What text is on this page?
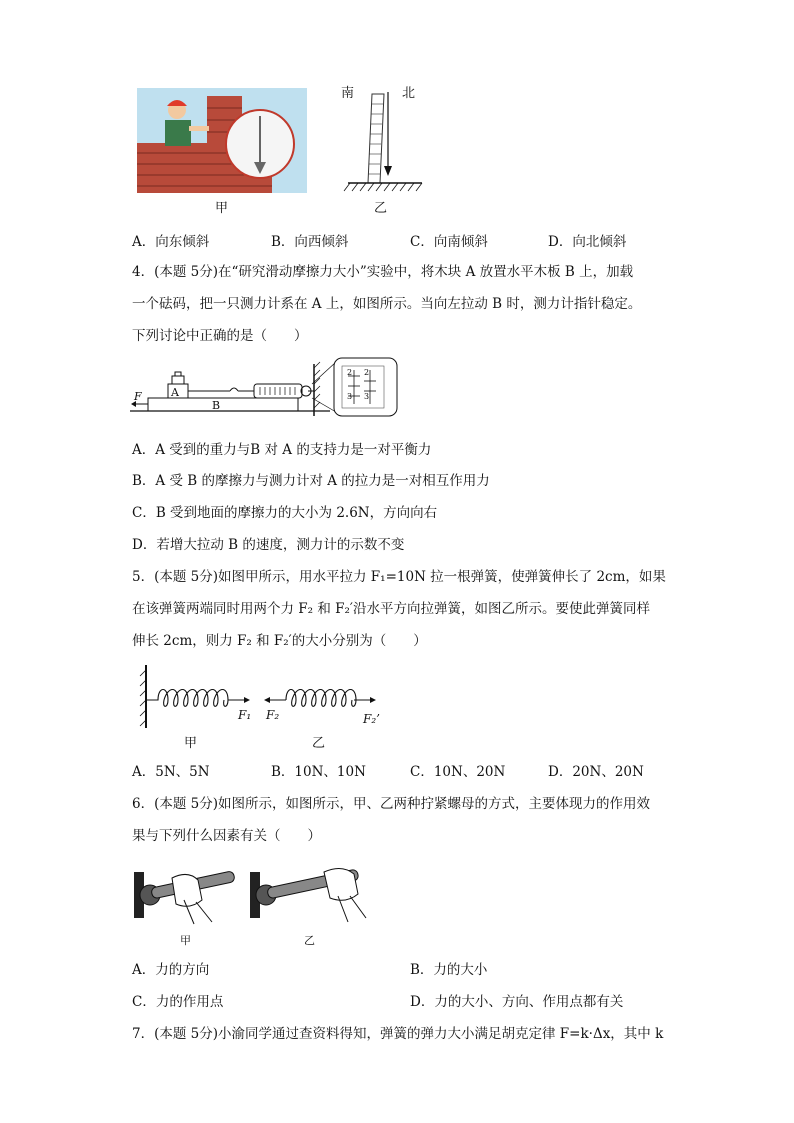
甲
南	北
乙
A．向东倾斜	B．向西倾斜	C．向南倾斜	D．向北倾斜
4．(本题 5分)在“研究滑动摩擦力大小”实验中，将木块 A 放置水平木板 B 上，加载
一个砝码，把一只测力计系在 A 上，如图所示。当向左拉动 B 时，测力计指针稳定。
下列讨论中正确的是（　　）
F	A
B
2 2
3 3
A．A 受到的重力与B 对 A 的支持力是一对平衡力
B．A 受 B 的摩擦力与测力计对 A 的拉力是一对相互作用力
C．B 受到地面的摩擦力的大小为 2.6N，方向向右
D．若增大拉动 B 的速度，测力计的示数不变
5．(本题 5分)如图甲所示，用水平拉力 F₁=10N 拉一根弹簧，使弹簧伸长了 2cm，如果
在该弹簧两端同时用两个力 F₂ 和 F₂′沿水平方向拉弹簧，如图乙所示。要使此弹簧同样
伸长 2cm，则力 F₂ 和 F₂′的大小分别为（　　）
F₁ F₂	F₂’
甲	乙
A．5N、5N	B．10N、10N	C．10N、20N	D．20N、20N
6．(本题 5分)如图所示，如图所示，甲、乙两种拧紧螺母的方式，主要体现力的作用效
果与下列什么因素有关（　　）
甲	乙
A．力的方向	B．力的大小
C．力的作用点	D．力的大小、方向、作用点都有关
7．(本题 5分)小渝同学通过查资料得知，弹簧的弹力大小满足胡克定律 F=k·Δx，其中 k
